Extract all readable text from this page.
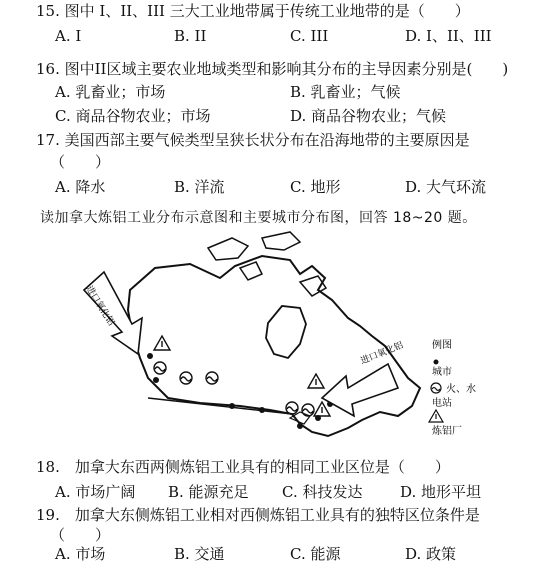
15. 图中 I、II、III 三大工业地带属于传统工业地带的是（　　）
A. I	B. II	C. III	D. I、II、III
16. 图中II区域主要农业地域类型和影响其分布的主导因素分别是(　　)
A. 乳畜业；市场	B. 乳畜业；气候
C. 商品谷物农业；市场	D. 商品谷物农业；气候
17. 美国西部主要气候类型呈狭长状分布在沿海地带的主要原因是
（　　）
A. 降水	B. 洋流	C. 地形	D. 大气环流
读加拿大炼铝工业分布示意图和主要城市分布图，回答 18~20 题。
进口氧化铝
进口氧化铝	例图
城市
火、水
电站
炼铝厂
18.　加拿大东西两侧炼铝工业具有的相同工业区位是（　　）
A. 市场广阔 B. 能源充足 C. 科技发达	D. 地形平坦
19.　加拿大东侧炼铝工业相对西侧炼铝工业具有的独特区位条件是
A. 市场	B. 交通	C. 能源	D. 政策
（　　）
